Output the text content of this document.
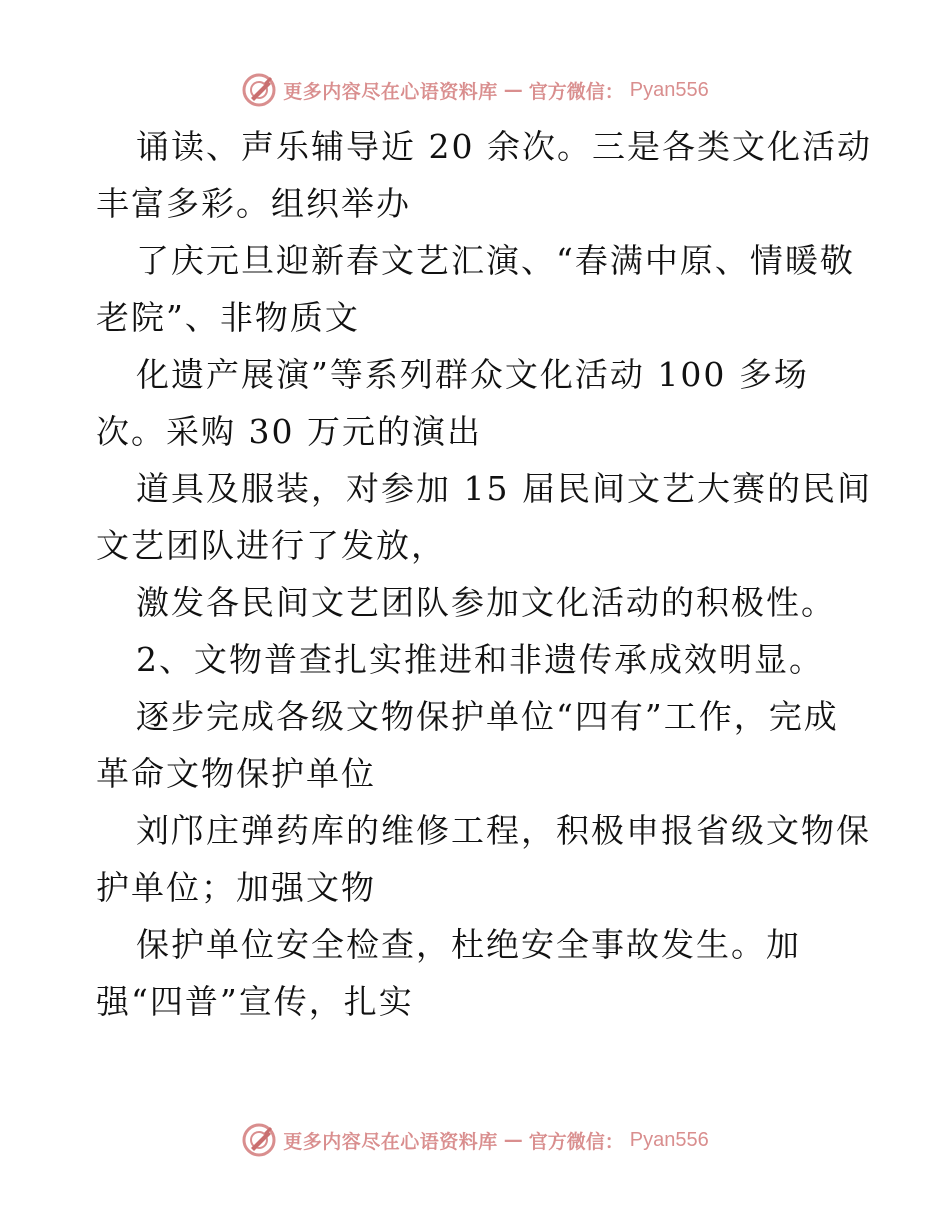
更多内容尽在心语资料库 — 官方微信： Pyan556
诵读、声乐辅导近 20 余次。三是各类文化活动
丰富多彩。组织举办
了庆元旦迎新春文艺汇演、“春满中原、情暖敬
老院”、非物质文
化遗产展演”等系列群众文化活动 100 多场
次。采购 30 万元的演出
道具及服装，对参加 15 届民间文艺大赛的民间
文艺团队进行了发放，
激发各民间文艺团队参加文化活动的积极性。
2、文物普查扎实推进和非遗传承成效明显。
逐步完成各级文物保护单位“四有”工作，完成
革命文物保护单位
刘邝庄弹药库的维修工程，积极申报省级文物保
护单位；加强文物
保护单位安全检查，杜绝安全事故发生。加
强“四普”宣传，扎实
更多内容尽在心语资料库 — 官方微信： Pyan556
